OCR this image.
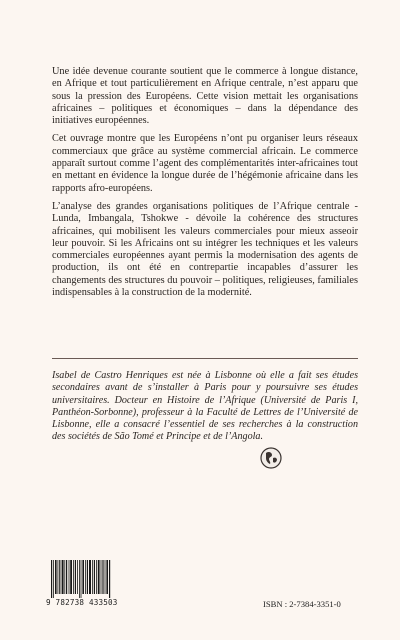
Une idée devenue courante soutient que le commerce à longue distance, en Afrique et tout particulièrement en Afrique centrale, n’est apparu que sous la pression des Européens. Cette vision mettait les organisations africaines – politiques et économiques – dans la dépendance des initiatives européennes.

Cet ouvrage montre que les Européens n’ont pu organiser leurs réseaux commerciaux que grâce au système commercial africain. Le commerce apparaît surtout comme l’agent des complémentarités inter-africaines tout en mettant en évidence la longue durée de l’hégémonie africaine dans les rapports afro-européens.

L’analyse des grandes organisations politiques de l’Afrique centrale - Lunda, Imbangala, Tshokwe - dévoile la cohérence des structures africaines, qui mobilisent les valeurs commerciales pour mieux asseoir leur pouvoir. Si les Africains ont su intégrer les techniques et les valeurs commerciales européennes ayant permis la modernisation des agents de production, ils ont été en contrepartie incapables d’assurer les changements des structures du pouvoir – politiques, religieuses, familiales indispensables à la construction de la modernité.

Isabel de Castro Henriques est née à Lisbonne où elle a fait ses études secondaires avant de s’installer à Paris pour y poursuivre ses études universitaires. Docteur en Histoire de l’Afrique (Université de Paris I, Panthéon-Sorbonne), professeur à la Faculté de Lettres de l’Université de Lisbonne, elle a consacré l’essentiel de ses recherches à la construction des sociétés de São Tomé et Principe et de l’Angola.

9 782738 433503	ISBN : 2-7384-3351-0
